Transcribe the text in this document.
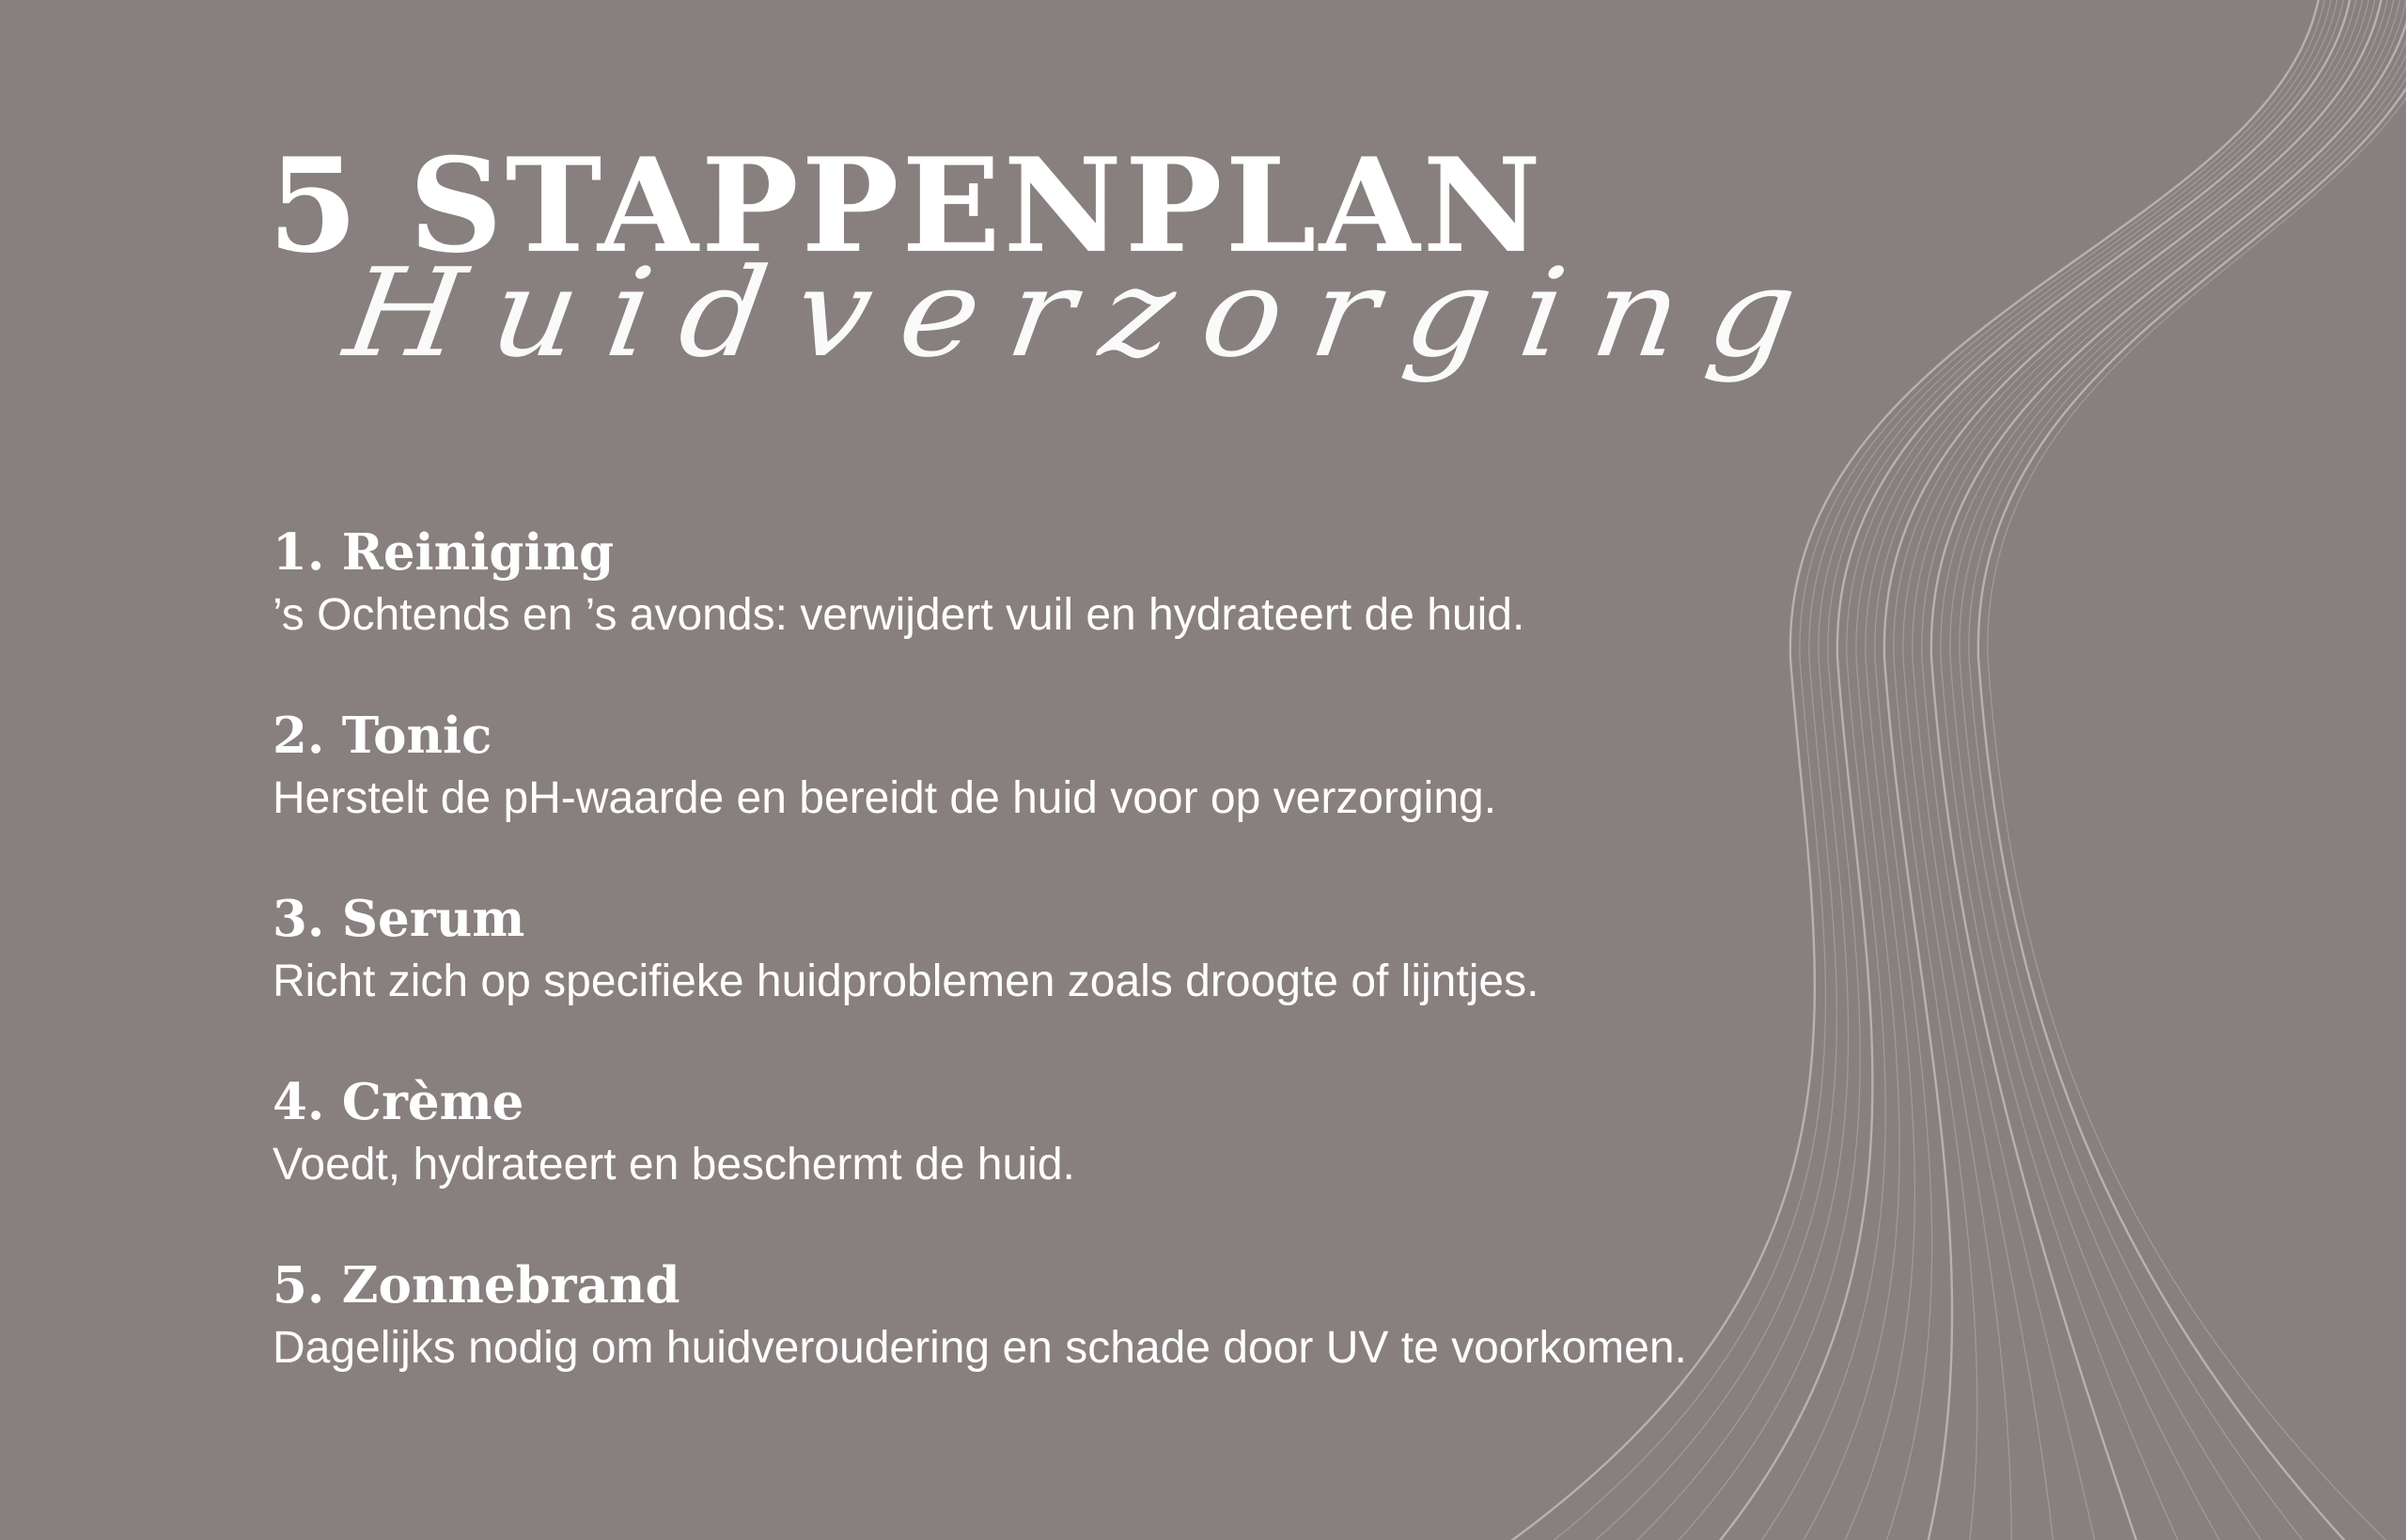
5 STAPPENPLAN
Huidverzorging
1. Reiniging
’s Ochtends en ’s avonds: verwijdert vuil en hydrateert de huid.
2. Tonic
Herstelt de pH-waarde en bereidt de huid voor op verzorging.
3. Serum
Richt zich op specifieke huidproblemen zoals droogte of lijntjes.
4. Crème
Voedt, hydrateert en beschermt de huid.
5. Zonnebrand
Dagelijks nodig om huidveroudering en schade door UV te voorkomen.
